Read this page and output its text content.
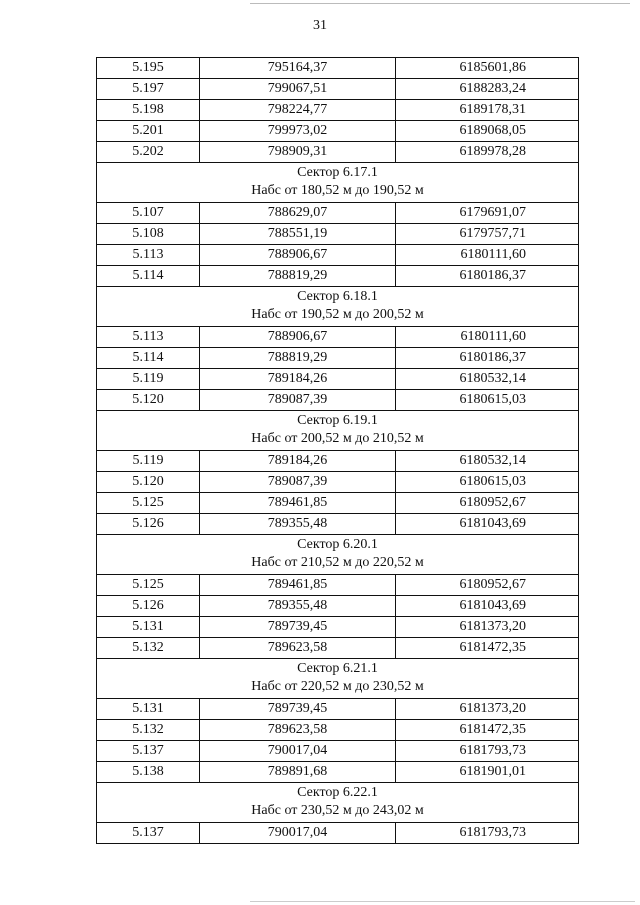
31
5.195	795164,37	6185601,86
5.197	799067,51	6188283,24
5.198	798224,77	6189178,31
5.201	799973,02	6189068,05
5.202	798909,31	6189978,28

Сектор 6.17.1
Набс от 180,52 м до 190,52 м		

5.107	788629,07	6179691,07
5.108	788551,19	6179757,71
5.113	788906,67	6180111,60
5.114	788819,29	6180186,37

Сектор 6.18.1
Набс от 190,52 м до 200,52 м		

5.113	788906,67	6180111,60
5.114	788819,29	6180186,37
5.119	789184,26	6180532,14
5.120	789087,39	6180615,03

Сектор 6.19.1
Набс от 200,52 м до 210,52 м		

5.119	789184,26	6180532,14
5.120	789087,39	6180615,03
5.125	789461,85	6180952,67
5.126	789355,48	6181043,69

Сектор 6.20.1
Набс от 210,52 м до 220,52 м		

5.125	789461,85	6180952,67
5.126	789355,48	6181043,69
5.131	789739,45	6181373,20
5.132	789623,58	6181472,35

Сектор 6.21.1
Набс от 220,52 м до 230,52 м		

5.131	789739,45	6181373,20
5.132	789623,58	6181472,35
5.137	790017,04	6181793,73
5.138	789891,68	6181901,01

Сектор 6.22.1
Набс от 230,52 м до 243,02 м		

5.137	790017,04	6181793,73
